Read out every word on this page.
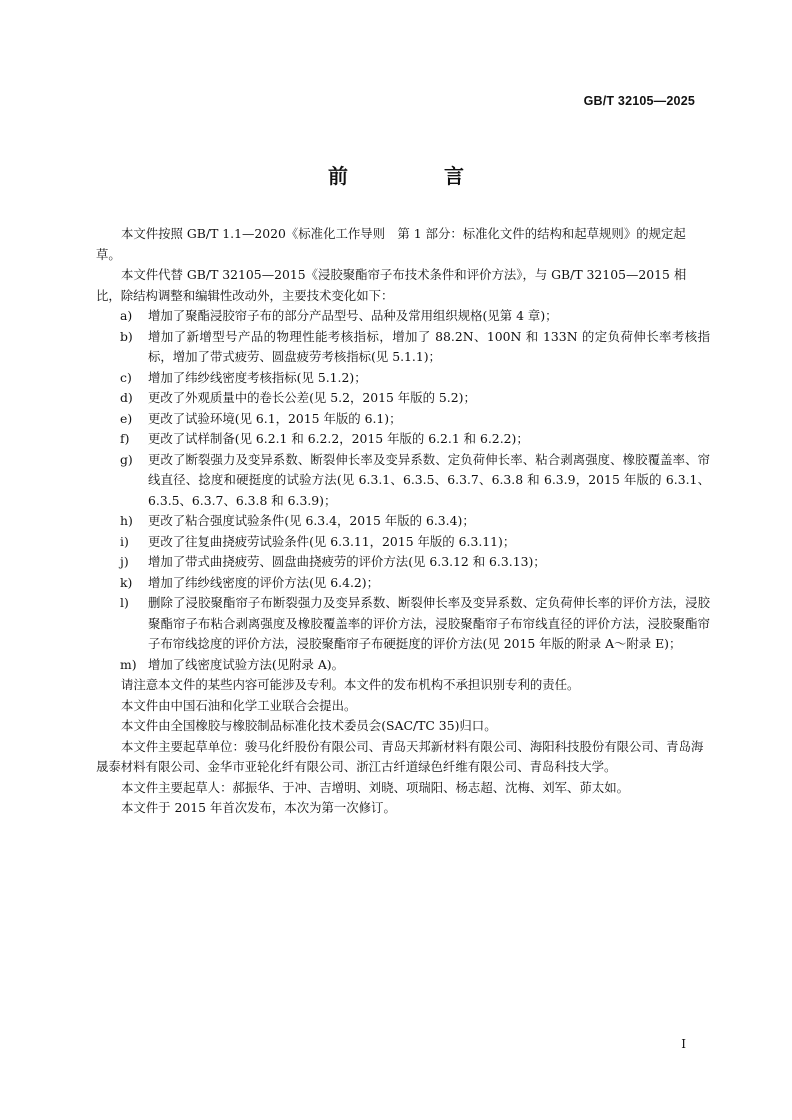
GB/T 32105—2025
前　言

本文件按照 GB/T 1.1—2020《标准化工作导则　第 1 部分：标准化文件的结构和起草规则》的规定起草。

本文件代替 GB/T 32105—2015《浸胶聚酯帘子布技术条件和评价方法》，与 GB/T 32105—2015 相比，除结构调整和编辑性改动外，主要技术变化如下：

a)	增加了聚酯浸胶帘子布的部分产品型号、品种及常用组织规格(见第 4 章)；
b)	增加了新增型号产品的物理性能考核指标，增加了 88.2N、100N 和 133N 的定负荷伸长率考核指标，增加了带式疲劳、圆盘疲劳考核指标(见 5.1.1)；
c)	增加了纬纱线密度考核指标(见 5.1.2)；
d)	更改了外观质量中的卷长公差(见 5.2，2015 年版的 5.2)；
e)	更改了试验环境(见 6.1，2015 年版的 6.1)；
f)	更改了试样制备(见 6.2.1 和 6.2.2，2015 年版的 6.2.1 和 6.2.2)；
g)	更改了断裂强力及变异系数、断裂伸长率及变异系数、定负荷伸长率、粘合剥离强度、橡胶覆盖率、帘线直径、捻度和硬挺度的试验方法(见 6.3.1、6.3.5、6.3.7、6.3.8 和 6.3.9，2015 年版的 6.3.1、6.3.5、6.3.7、6.3.8 和 6.3.9)；
h)	更改了粘合强度试验条件(见 6.3.4，2015 年版的 6.3.4)；
i)	更改了往复曲挠疲劳试验条件(见 6.3.11，2015 年版的 6.3.11)；
j)	增加了带式曲挠疲劳、圆盘曲挠疲劳的评价方法(见 6.3.12 和 6.3.13)；
k)	增加了纬纱线密度的评价方法(见 6.4.2)；
l)	删除了浸胶聚酯帘子布断裂强力及变异系数、断裂伸长率及变异系数、定负荷伸长率的评价方法，浸胶聚酯帘子布粘合剥离强度及橡胶覆盖率的评价方法，浸胶聚酯帘子布帘线直径的评价方法，浸胶聚酯帘子布帘线捻度的评价方法，浸胶聚酯帘子布硬挺度的评价方法(见 2015 年版的附录 A～附录 E)；
m) 增加了线密度试验方法(见附录 A)。

请注意本文件的某些内容可能涉及专利。本文件的发布机构不承担识别专利的责任。

本文件由中国石油和化学工业联合会提出。

本文件由全国橡胶与橡胶制品标准化技术委员会(SAC/TC 35)归口。

本文件主要起草单位：骏马化纤股份有限公司、青岛天邦新材料有限公司、海阳科技股份有限公司、青岛海晟泰材料有限公司、金华市亚轮化纤有限公司、浙江古纤道绿色纤维有限公司、青岛科技大学。

本文件主要起草人：郝振华、于冲、吉增明、刘晓、项瑞阳、杨志超、沈梅、刘军、茆太如。

本文件于 2015 年首次发布，本次为第一次修订。

I
